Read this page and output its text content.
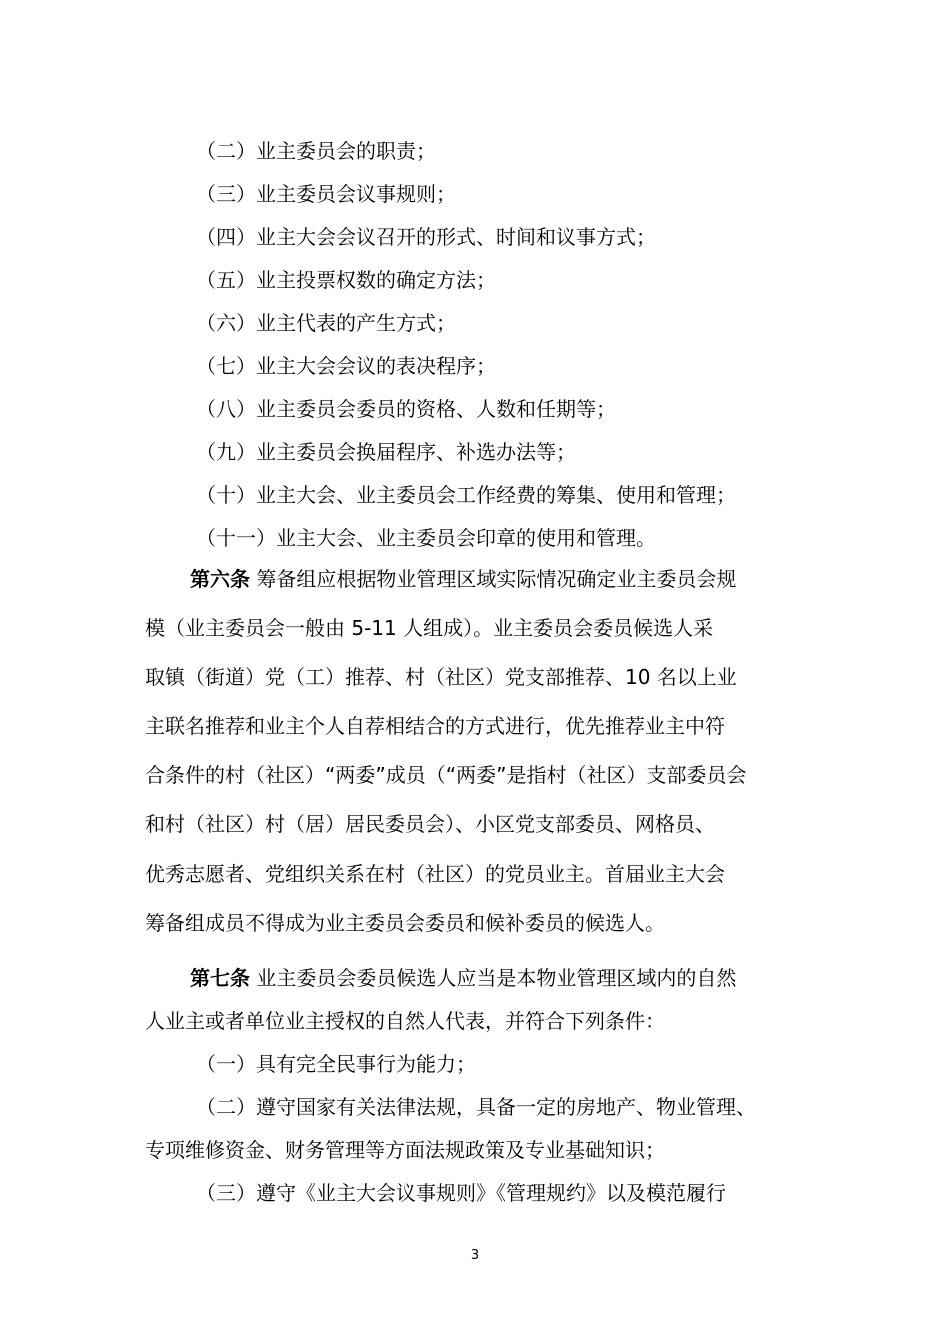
（二）业主委员会的职责；
（三）业主委员会议事规则；
（四）业主大会会议召开的形式、时间和议事方式；
（五）业主投票权数的确定方法；
（六）业主代表的产生方式；
（七）业主大会会议的表决程序；
（八）业主委员会委员的资格、人数和任期等；
（九）业主委员会换届程序、补选办法等；
（十）业主大会、业主委员会工作经费的筹集、使用和管理；
（十一）业主大会、业主委员会印章的使用和管理。
第六条 筹备组应根据物业管理区域实际情况确定业主委员会规
模（业主委员会一般由 5-11 人组成）。业主委员会委员候选人采
取镇（街道）党（工）推荐、村（社区）党支部推荐、10 名以上业
主联名推荐和业主个人自荐相结合的方式进行，优先推荐业主中符
合条件的村（社区）“两委”成员（“两委”是指村（社区）支部委员会
和村（社区）村（居）居民委员会）、小区党支部委员、网格员、
优秀志愿者、党组织关系在村（社区）的党员业主。首届业主大会
筹备组成员不得成为业主委员会委员和候补委员的候选人。
第七条 业主委员会委员候选人应当是本物业管理区域内的自然
人业主或者单位业主授权的自然人代表，并符合下列条件：
（一）具有完全民事行为能力；
（二）遵守国家有关法律法规，具备一定的房地产、物业管理、
专项维修资金、财务管理等方面法规政策及专业基础知识；
（三）遵守《业主大会议事规则》《管理规约》以及模范履行
3
